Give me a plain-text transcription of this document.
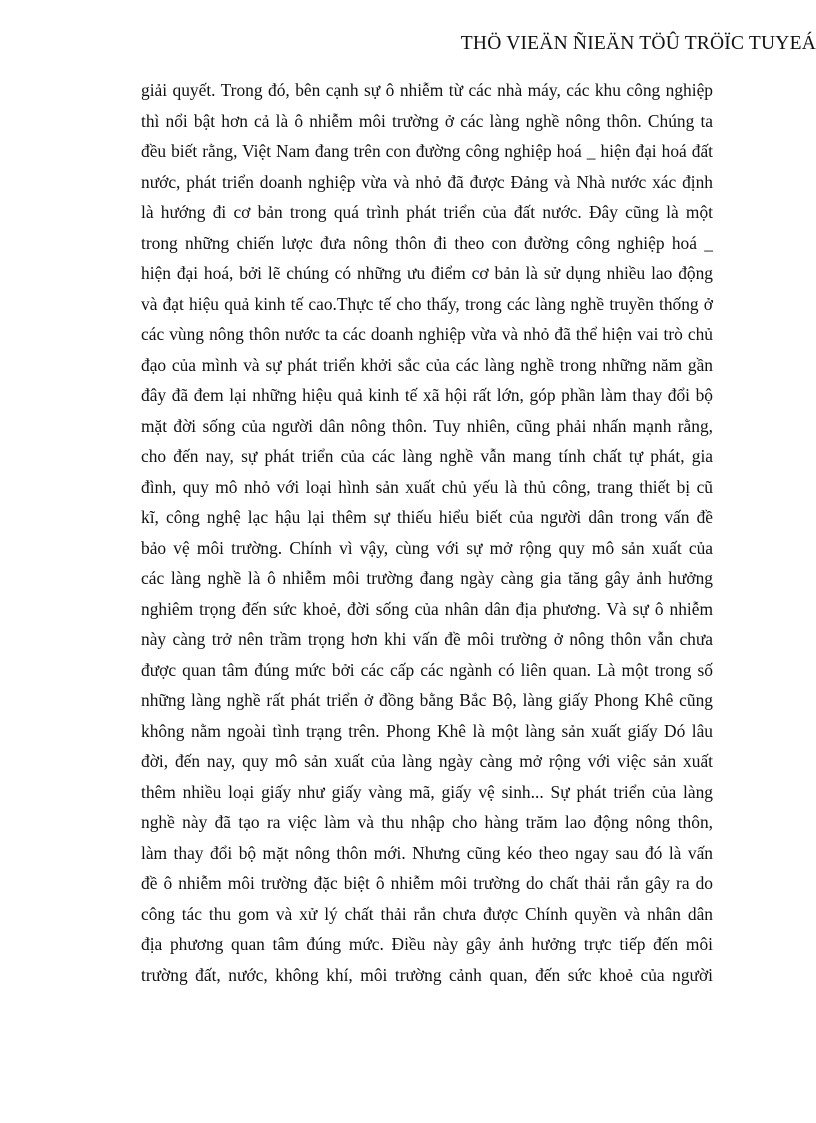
THÖ VIEÄN ÑIEÄN TÖÛ TRÖÏC TUYEÁ
giải quyết. Trong đó, bên cạnh sự ô nhiễm từ các nhà máy, các khu công nghiệp
thì nổi bật hơn cả là ô nhiễm môi trường ở các làng nghề nông thôn. Chúng ta
đều biết rằng, Việt Nam đang trên con đường công nghiệp hoá _ hiện đại hoá đất
nước, phát triển doanh nghiệp vừa và nhỏ đã được Đảng và Nhà nước xác định
là hướng đi cơ bản trong quá trình phát triển của đất nước. Đây cũng là một
trong những chiến lược đưa nông thôn đi theo con đường công nghiệp hoá _
hiện đại hoá, bởi lẽ chúng có những ưu điểm cơ bản là sử dụng nhiều lao động
và đạt hiệu quả kinh tế cao.Thực tế cho thấy, trong các làng nghề truyền thống ở
các vùng nông thôn nước ta các doanh nghiệp vừa và nhỏ đã thể hiện vai trò chủ
đạo của mình và sự phát triển khởi sắc của các làng nghề trong những năm gần
đây đã đem lại những hiệu quả kinh tế xã hội rất lớn, góp phần làm thay đổi bộ
mặt đời sống của người dân nông thôn. Tuy nhiên, cũng phải nhấn mạnh rằng,
cho đến nay, sự phát triển của các làng nghề vẫn mang tính chất tự phát, gia
đình, quy mô nhỏ với loại hình sản xuất chủ yếu là thủ công, trang thiết bị cũ
kĩ, công nghệ lạc hậu lại thêm sự thiếu hiểu biết của người dân trong vấn đề
bảo vệ môi trường. Chính vì vậy, cùng với sự mở rộng quy mô sản xuất của
các làng nghề là ô nhiễm môi trường đang ngày càng gia tăng gây ảnh hưởng
nghiêm trọng đến sức khoẻ, đời sống của nhân dân địa phương. Và sự ô nhiễm
này càng trở nên trầm trọng hơn khi vấn đề môi trường ở nông thôn vẫn chưa
được quan tâm đúng mức bởi các cấp các ngành có liên quan. Là một trong số
những làng nghề rất phát triển ở đồng bằng Bắc Bộ, làng giấy Phong Khê cũng
không nằm ngoài tình trạng trên. Phong Khê là một làng sản xuất giấy Dó lâu
đời, đến nay, quy mô sản xuất của làng ngày càng mở rộng với việc sản xuất
thêm nhiều loại giấy như giấy vàng mã, giấy vệ sinh... Sự phát triển của làng
nghề này đã tạo ra việc làm và thu nhập cho hàng trăm lao động nông thôn,
làm thay đổi bộ mặt nông thôn mới. Nhưng cũng kéo theo ngay sau đó là vấn
đề ô nhiễm môi trường đặc biệt ô nhiễm môi trường do chất thải rắn gây ra do
công tác thu gom và xử lý chất thải rắn chưa được Chính quyền và nhân dân
địa phương quan tâm đúng mức. Điều này gây ảnh hưởng trực tiếp đến môi
trường đất, nước, không khí, môi trường cảnh quan, đến sức khoẻ của người
